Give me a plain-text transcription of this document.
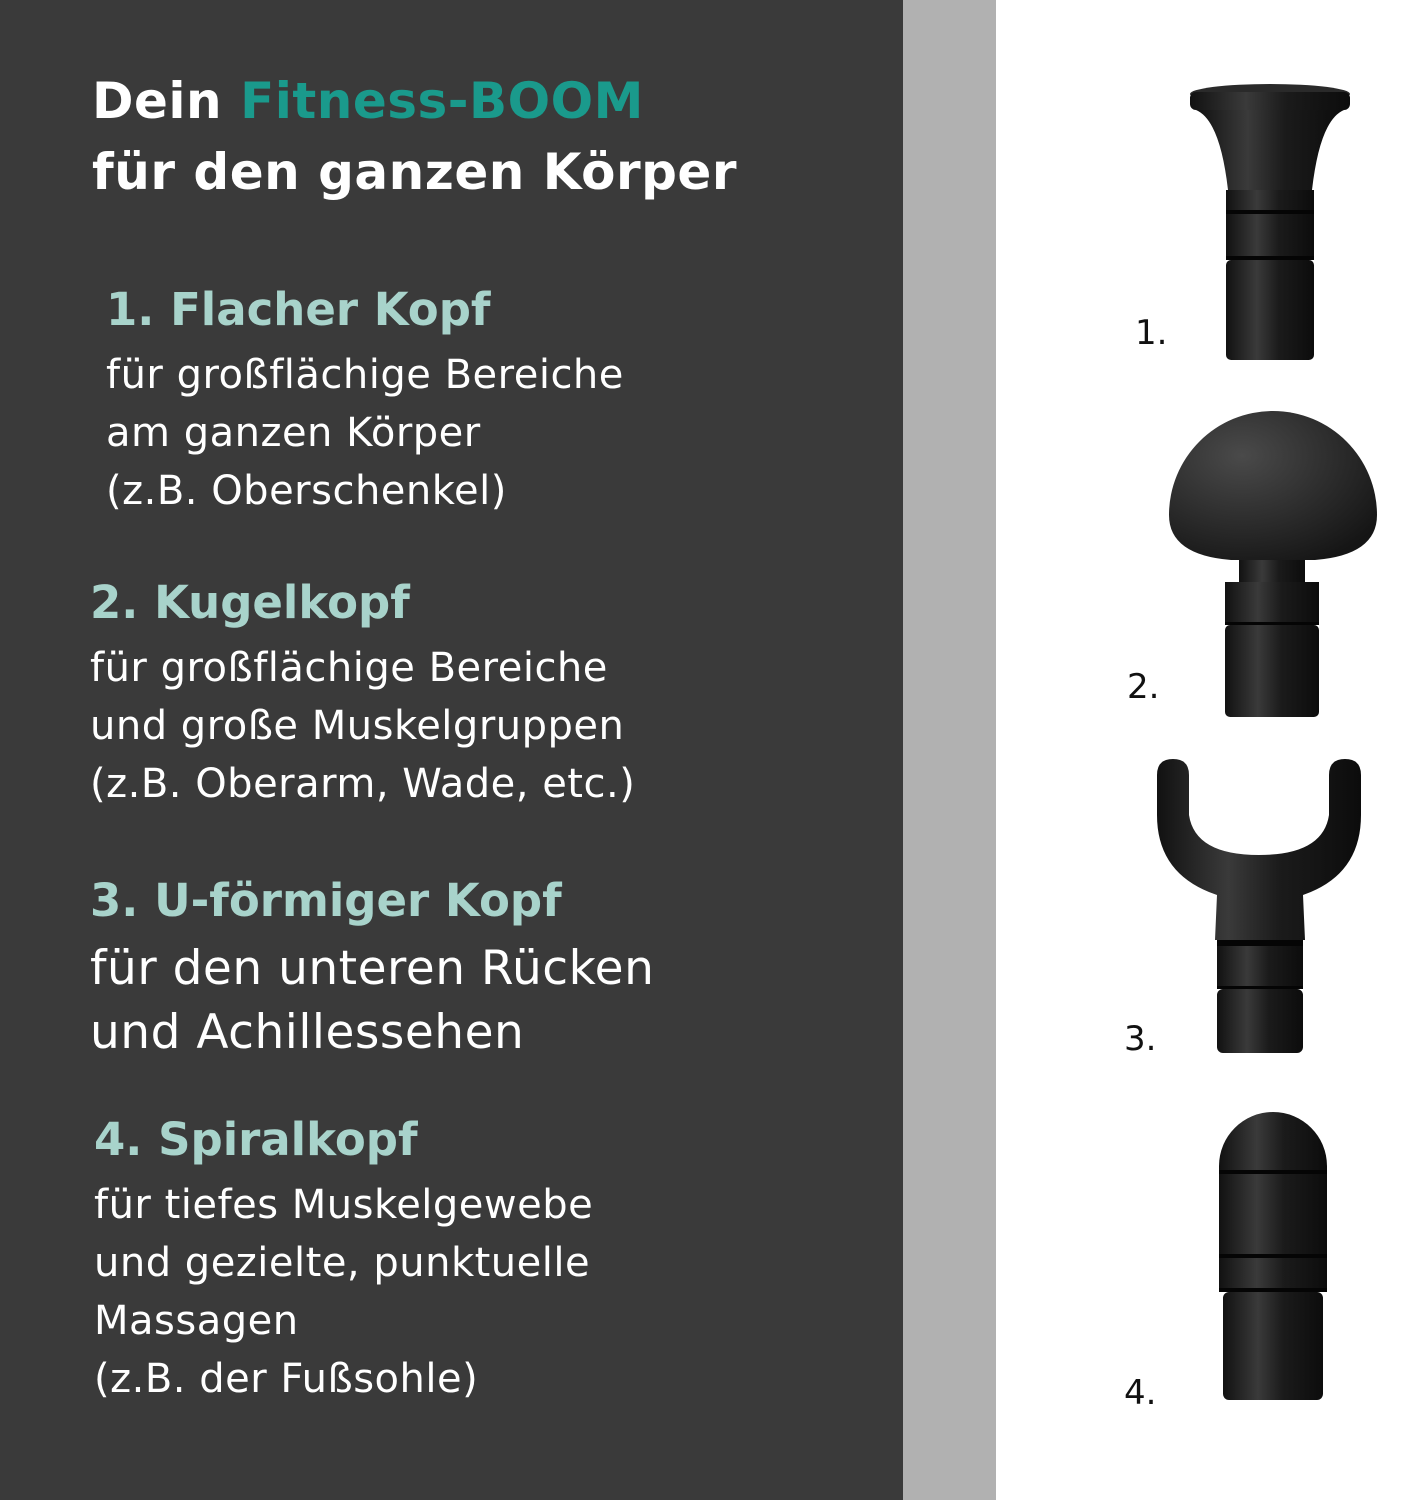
Dein Fitness-BOOM
für den ganzen Körper
1. Flacher Kopf
für großflächige Bereiche
am ganzen Körper
(z.B. Oberschenkel)
2. Kugelkopf
für großflächige Bereiche
und große Muskelgruppen
(z.B. Oberarm, Wade, etc.)
3. U-förmiger Kopf
für den unteren Rücken
und Achillessehen
4. Spiralkopf
für tiefes Muskelgewebe
und gezielte, punktuelle
Massagen
(z.B. der Fußsohle)
1.
2.
3.
4.
